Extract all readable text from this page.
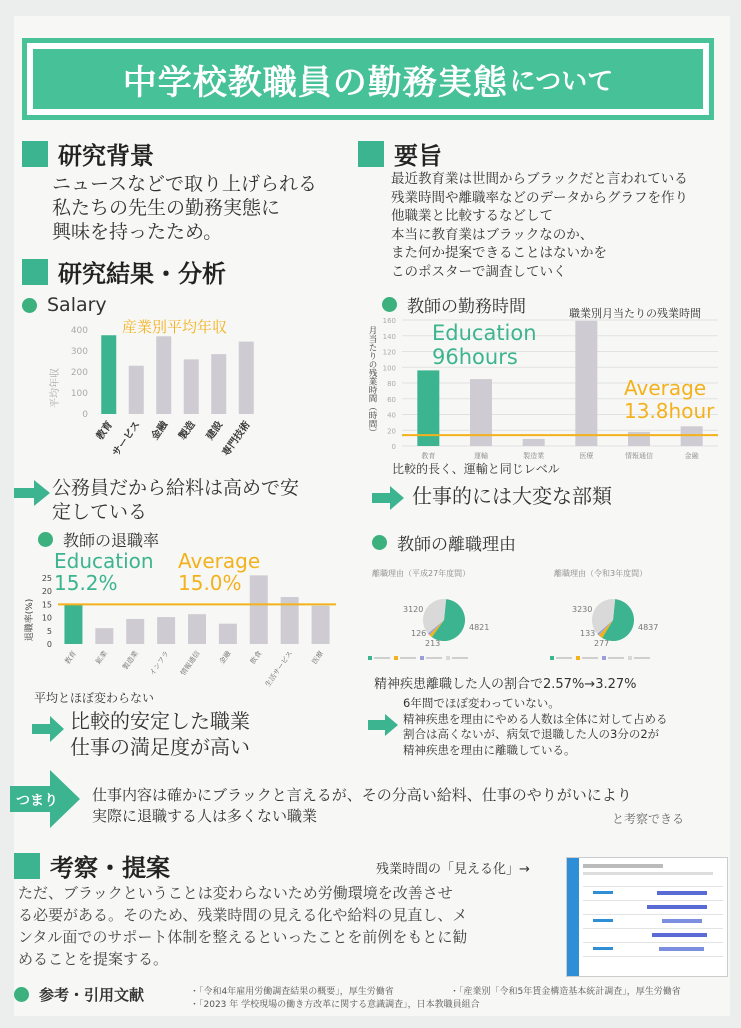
中学校教職員の勤務実態 について
研究背景
ニュースなどで取り上げられる
私たちの先生の勤務実態に
興味を持ったため。
要旨
最近教育業は世間からブラックだと言われている
残業時間や離職率などのデータからグラフを作り
他職業と比較するなどして
本当に教育業はブラックなのか、
また何か提案できることはないかを
このポスターで調査していく
研究結果・分析
Salary
産業別平均年収
平均年収
0
100
200
300
400
教育
サービス 金融 製造 建設
専門技術
公務員だから給料は高めで安
定している
教師の勤務時間	職業別月当たりの残業時間
月当たりの残業時間（時間）
0
20
40
60
80
100
120
140
160
教育	運輸	製造業	医療	情報通信	金融
Education
96hours
Average
13.8hour
比較的長く、運輸と同じレベル
仕事的には大変な部類
教師の退職率
退職率(%)
0
5
10
15
20
25
教育 鉱業 製造業 インフラ 情報通信 金融 飲食 生活サービス 医療
Education
15.2%
Average
15.0%
平均とほぼ変わらない
比較的安定した職業
仕事の満足度が高い
教師の離職理由
離職理由（平成27年度間）
3120
126
213
4821
離職理由（令和3年度間）
3230
133
277
4837
精神疾患離職した人の割合で2.57%→3.27%
6年間でほぼ変わっていない。
精神疾患を理由にやめる人数は全体に対して占める
割合は高くないが、病気で退職した人の3分の2が
精神疾患を理由に離職している。
つまり 仕事内容は確かにブラックと言えるが、その分高い給料、仕事のやりがいにより
実際に退職する人は多くない職業	と考察できる
考察・提案	残業時間の「見える化」→
ただ、ブラックということは変わらないため労働環境を改善させ
る必要がある。そのため、残業時間の見える化や給料の見直し、メ
ンタル面でのサポート体制を整えるといったことを前例をもとに勧
めることを提案する。
参考・引用文献	・「令和4年雇用労働調査結果の概要」，厚生労働省	・「産業別「令和5年賃金構造基本統計調査」，厚生労働省
・「2023 年 学校現場の働き方改革に関する意識調査」，日本教職員組合
